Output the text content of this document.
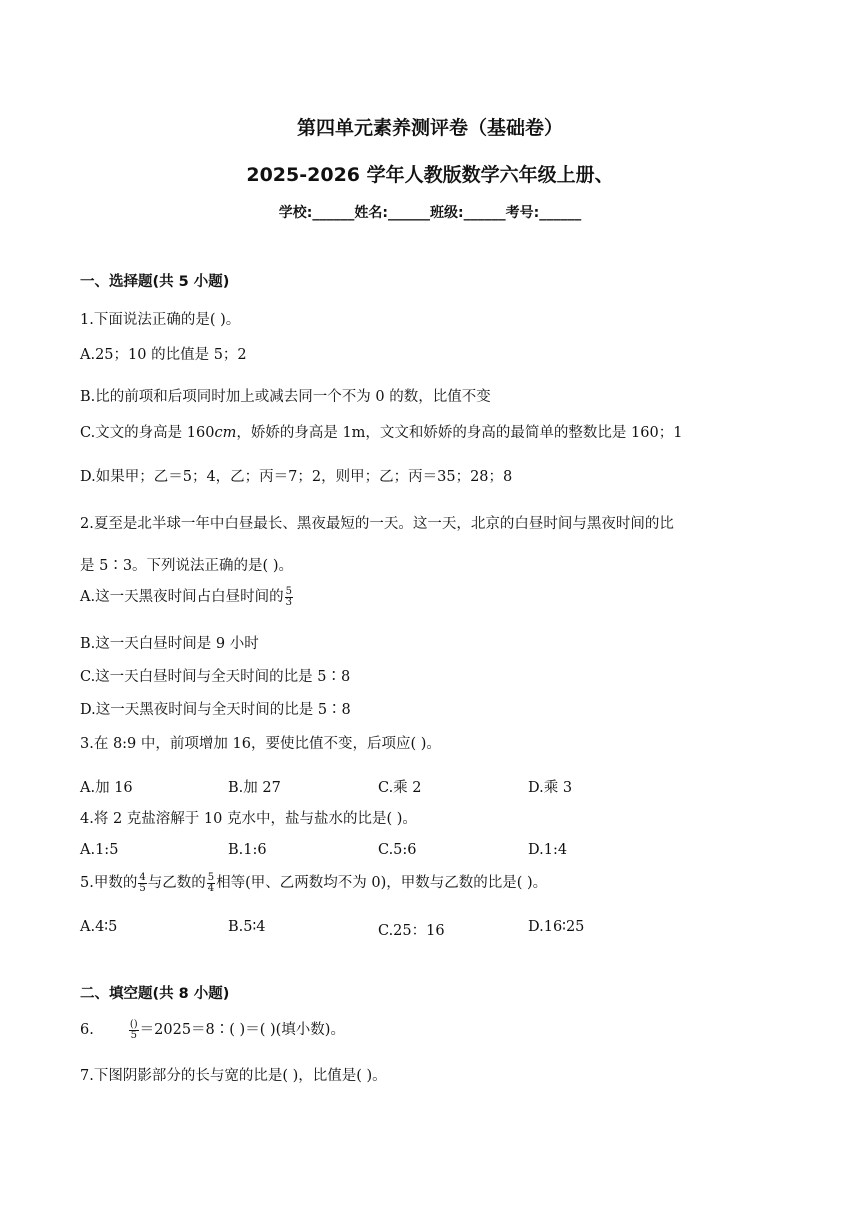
第四单元素养测评卷（基础卷）
2025-2026 学年人教版数学六年级上册、
学校:______姓名:______班级:______考号:______
一、选择题(共 5 小题)
1.下面说法正确的是( )。
A.25；10 的比值是 5；2
B.比的前项和后项同时加上或减去同一个不为 0 的数，比值不变
C.文文的身高是 160𝑐𝑚，娇娇的身高是 1m，文文和娇娇的身高的最简单的整数比是 160；1
D.如果甲；乙＝5；4，乙；丙＝7；2，则甲；乙；丙＝35；28；8
2.夏至是北半球一年中白昼最长、黑夜最短的一天。这一天，北京的白昼时间与黑夜时间的比
是 5∶3。下列说法正确的是( )。
A.这一天黑夜时间占白昼时间的 $\frac{5}{3}$
B.这一天白昼时间是 9 小时
C.这一天白昼时间与全天时间的比是 5∶8
D.这一天黑夜时间与全天时间的比是 5∶8
3.在 8:9 中，前项增加 16，要使比值不变，后项应( )。
A.加 16	B.加 27	C.乘 2	D.乘 3
4.将 2 克盐溶解于 10 克水中，盐与盐水的比是( )。
A.1:5	B.1:6	C.5:6	D.1:4
5.甲数的 $\frac{4}{5}$ 与乙数的 $\frac{5}{4}$ 相等(甲、乙两数均不为 0)，甲数与乙数的比是( )。
A.4∶5	B.5∶4	C.25：16	D.16∶25
二、填空题(共 8 小题)
6.	$\frac{()}{5}$ ＝2025＝8∶( )＝( )(填小数)。
7.下图阴影部分的长与宽的比是( )，比值是( )。
